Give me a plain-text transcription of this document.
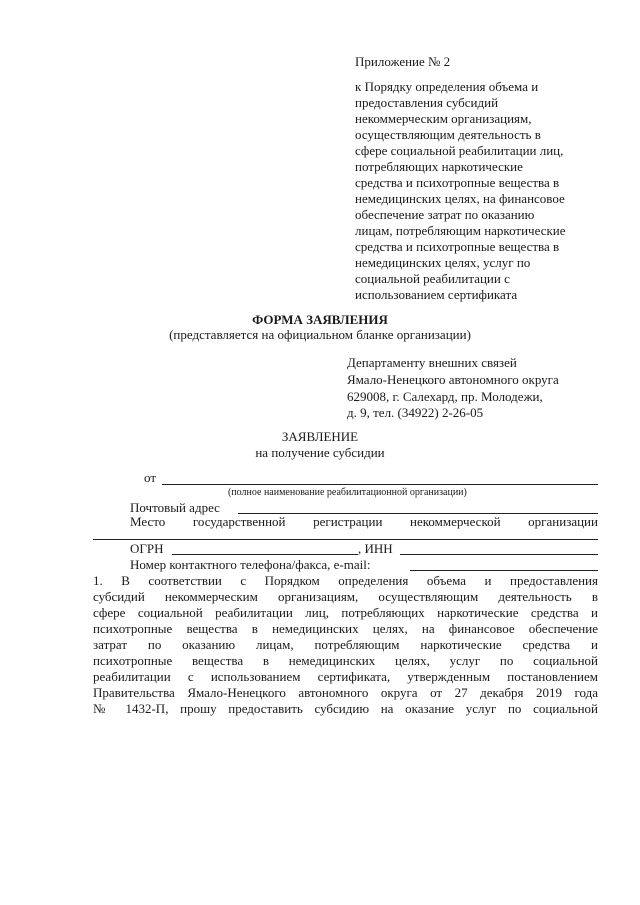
Приложение № 2
к Порядку определения объема и
предоставления субсидий
некоммерческим организациям,
осуществляющим деятельность в
сфере социальной реабилитации лиц,
потребляющих наркотические
средства и психотропные вещества в
немедицинских целях, на финансовое
обеспечение затрат по оказанию
лицам, потребляющим наркотические
средства и психотропные вещества в
немедицинских целях, услуг по
социальной реабилитации с
использованием сертификата
ФОРМА ЗАЯВЛЕНИЯ
(представляется на официальном бланке организации)
Департаменту внешних связей
Ямало-Ненецкого автономного округа
629008, г. Салехард, пр. Молодежи,
д. 9, тел. (34922) 2-26-05
ЗАЯВЛЕНИЕ
на получение субсидии
от
(полное наименование реабилитационной организации)
Почтовый адрес
Место государственной регистрации некоммерческой организации
ОГРН	, ИНН
Номер контактного телефона/факса, e-mail:
1. В соответствии с Порядком определения объема и предоставления
субсидий некоммерческим организациям, осуществляющим деятельность в
сфере социальной реабилитации лиц, потребляющих наркотические средства и
психотропные вещества в немедицинских целях, на финансовое обеспечение
затрат по оказанию лицам, потребляющим наркотические средства и
психотропные вещества в немедицинских целях, услуг по социальной
реабилитации с использованием сертификата, утвержденным постановлением
Правительства Ямало-Ненецкого автономного округа от 27 декабря 2019 года
№ 1432-П, прошу предоставить субсидию на оказание услуг по социальной
